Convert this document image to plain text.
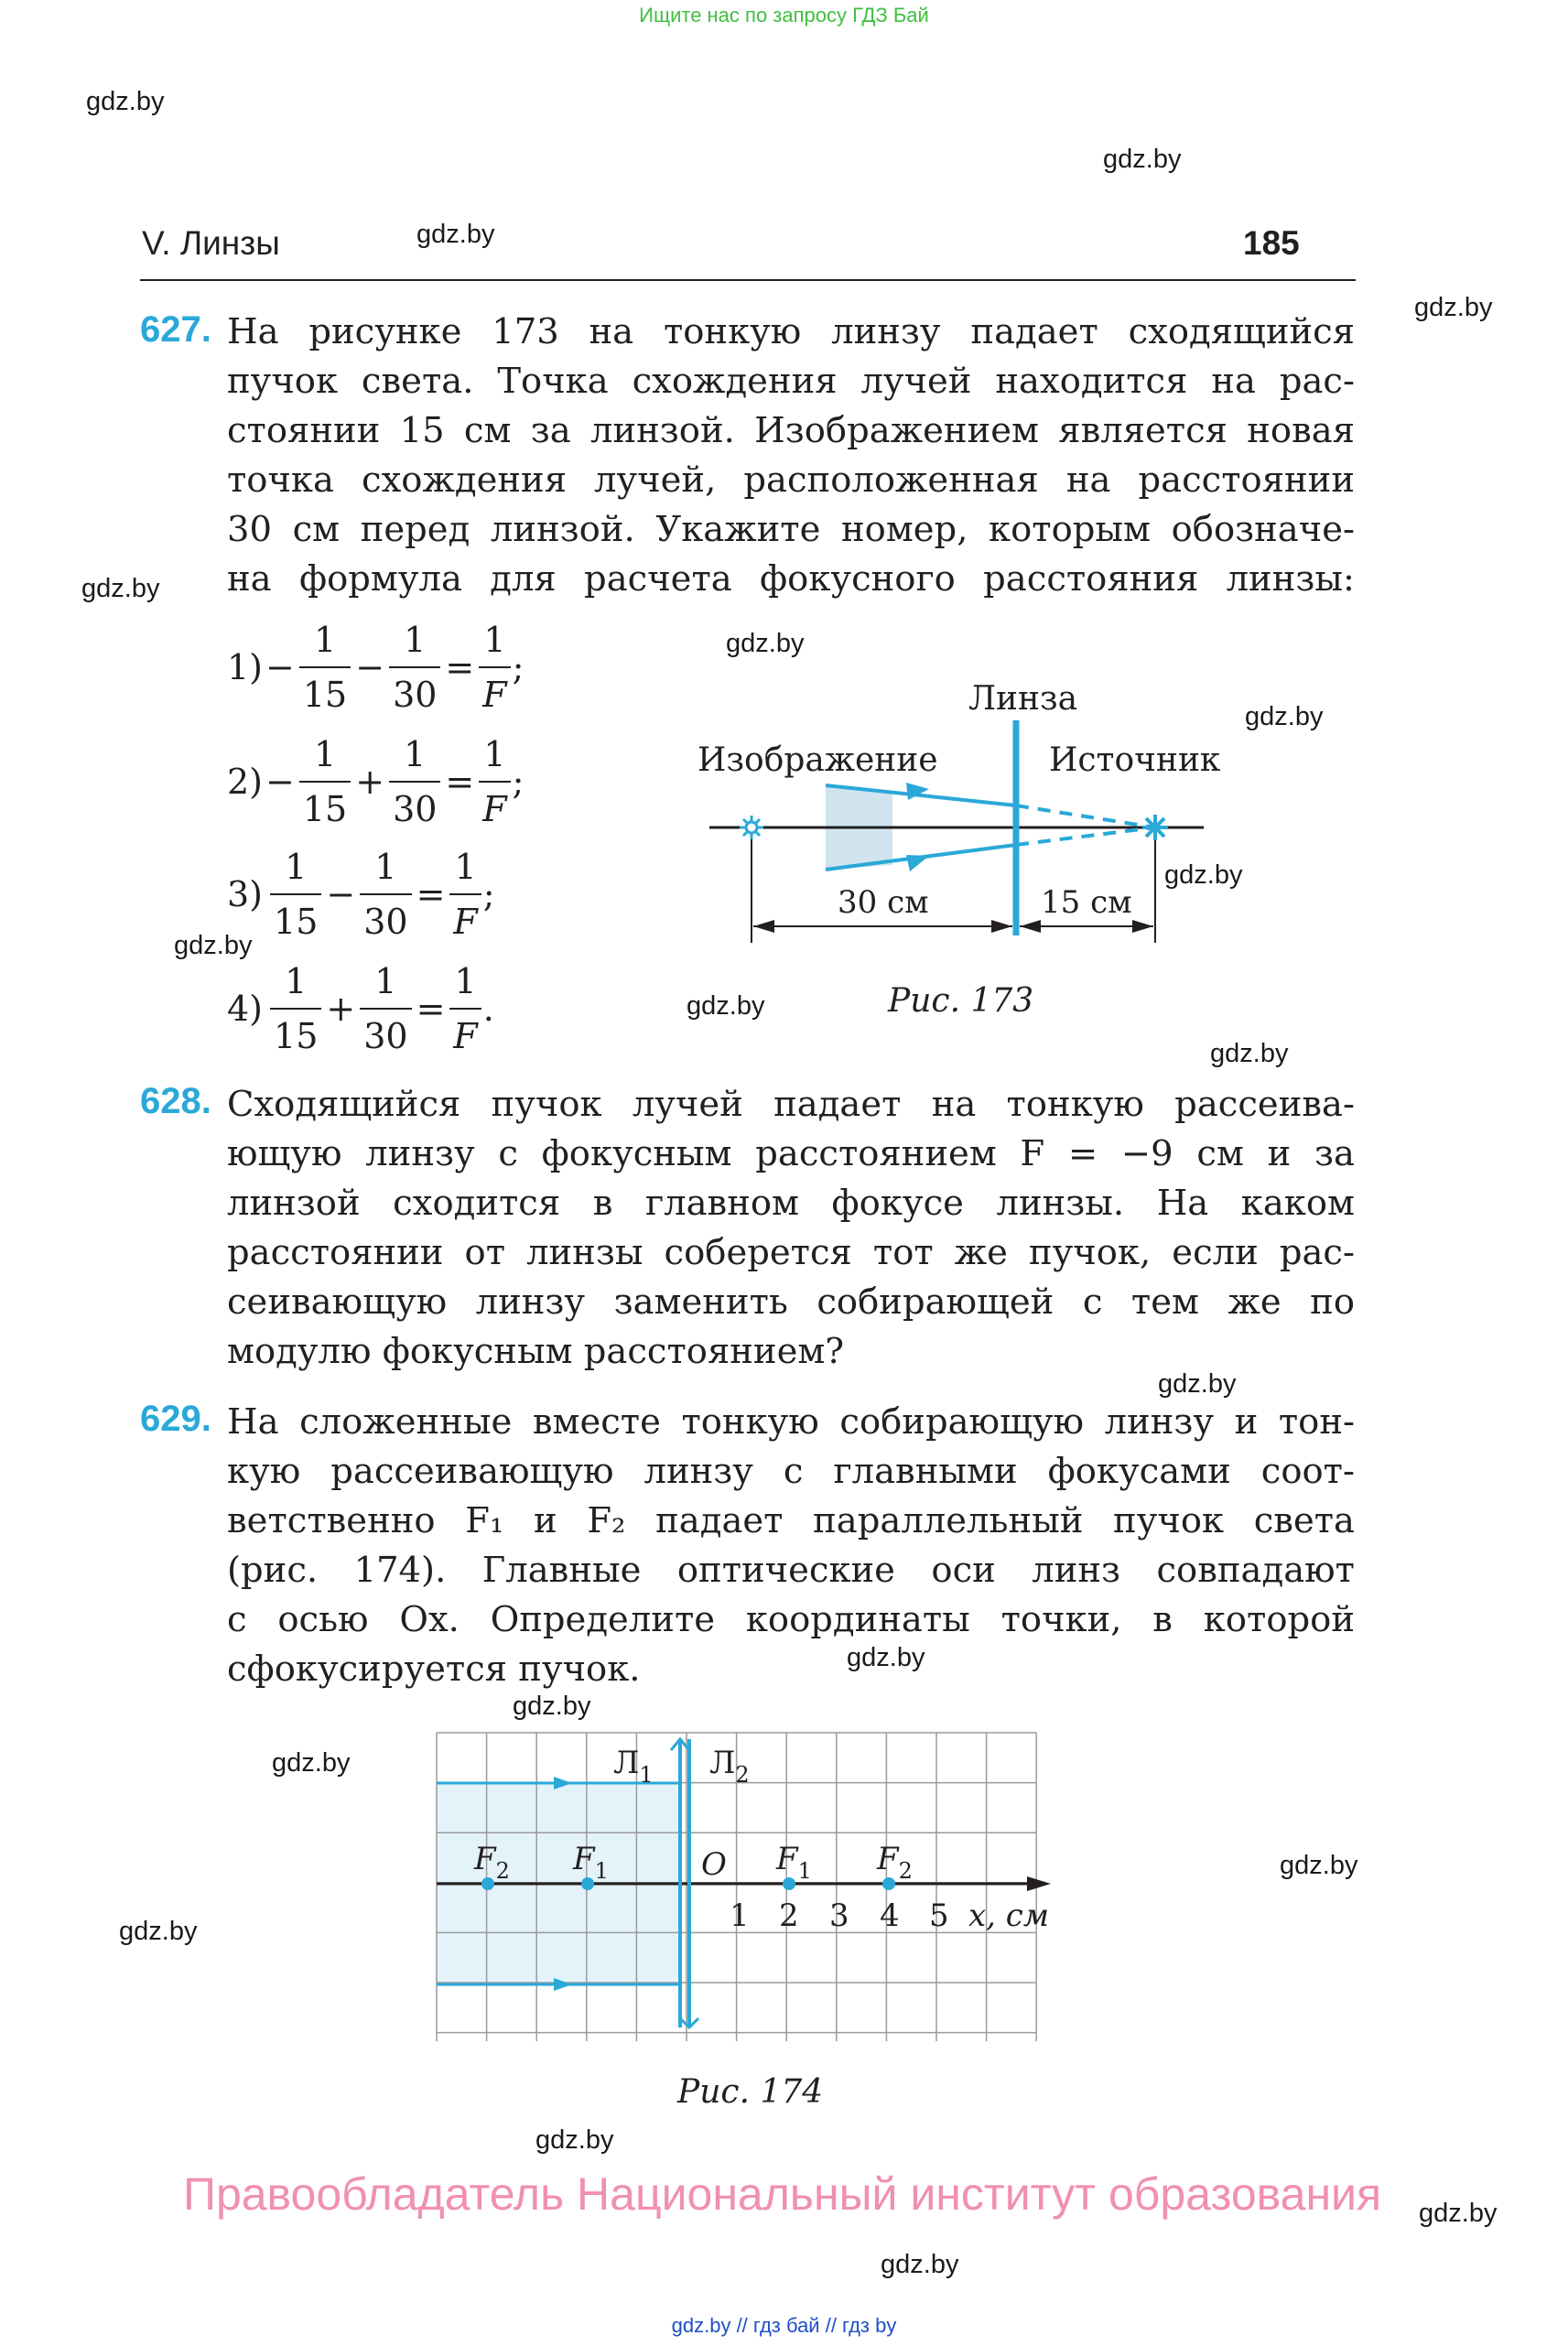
Ищите нас по запросу ГДЗ Бай
gdz.by
gdz.by
gdz.by
gdz.by
gdz.by
gdz.by
gdz.by
gdz.by
gdz.by
gdz.by
gdz.by
gdz.by
gdz.by
gdz.by
gdz.by
gdz.by
gdz.by
gdz.by
gdz.by
gdz.by
V. Линзы	185
627. На рисунке 173 на тонкую линзу падает сходящийся
пучок света. Точка схождения лучей находится на рас-
стоянии 15 см за линзой. Изображением является новая
точка схождения лучей, расположенная на расстоянии
30 см перед линзой. Укажите номер, которым обозначе-
на формула для расчета фокусного расстояния линзы:
$1) - \frac{1}{15} - \frac{1}{30} = \frac{1}{F}$ ;
$2) - \frac{1}{15} + \frac{1}{30} = \frac{1}{F}$ ;
$3) \frac{1}{15} - \frac{1}{30} = \frac{1}{F}$ ;
$4) \frac{1}{15} + \frac{1}{30} = \frac{1}{F}$ .
Линза
Изображение	Источник
30 см	15 см
Рис. 173
628. Сходящийся пучок лучей падает на тонкую рассеива-
ющую линзу с фокусным расстоянием F = −9 см и за
линзой сходится в главном фокусе линзы. На каком
расстоянии от линзы соберется тот же пучок, если рас-
сеивающую линзу заменить собирающей с тем же по
модулю фокусным расстоянием?
629. На сложенные вместе тонкую собирающую линзу и тон-
кую рассеивающую линзу с главными фокусами соот-
ветственно F₁ и F₂ падает параллельный пучок света
(рис. 174). Главные оптические оси линз совпадают
с осью Ox. Определите координаты точки, в которой
сфокусируется пучок.
$Л_1$ $Л_2$
$F_2$ $F_1$	O $F_1$ $F_2$
1 2 3 4 5 x, см
Рис. 174
Правообладатель Национальный институт образования
gdz.by // гдз бай // гдз by
